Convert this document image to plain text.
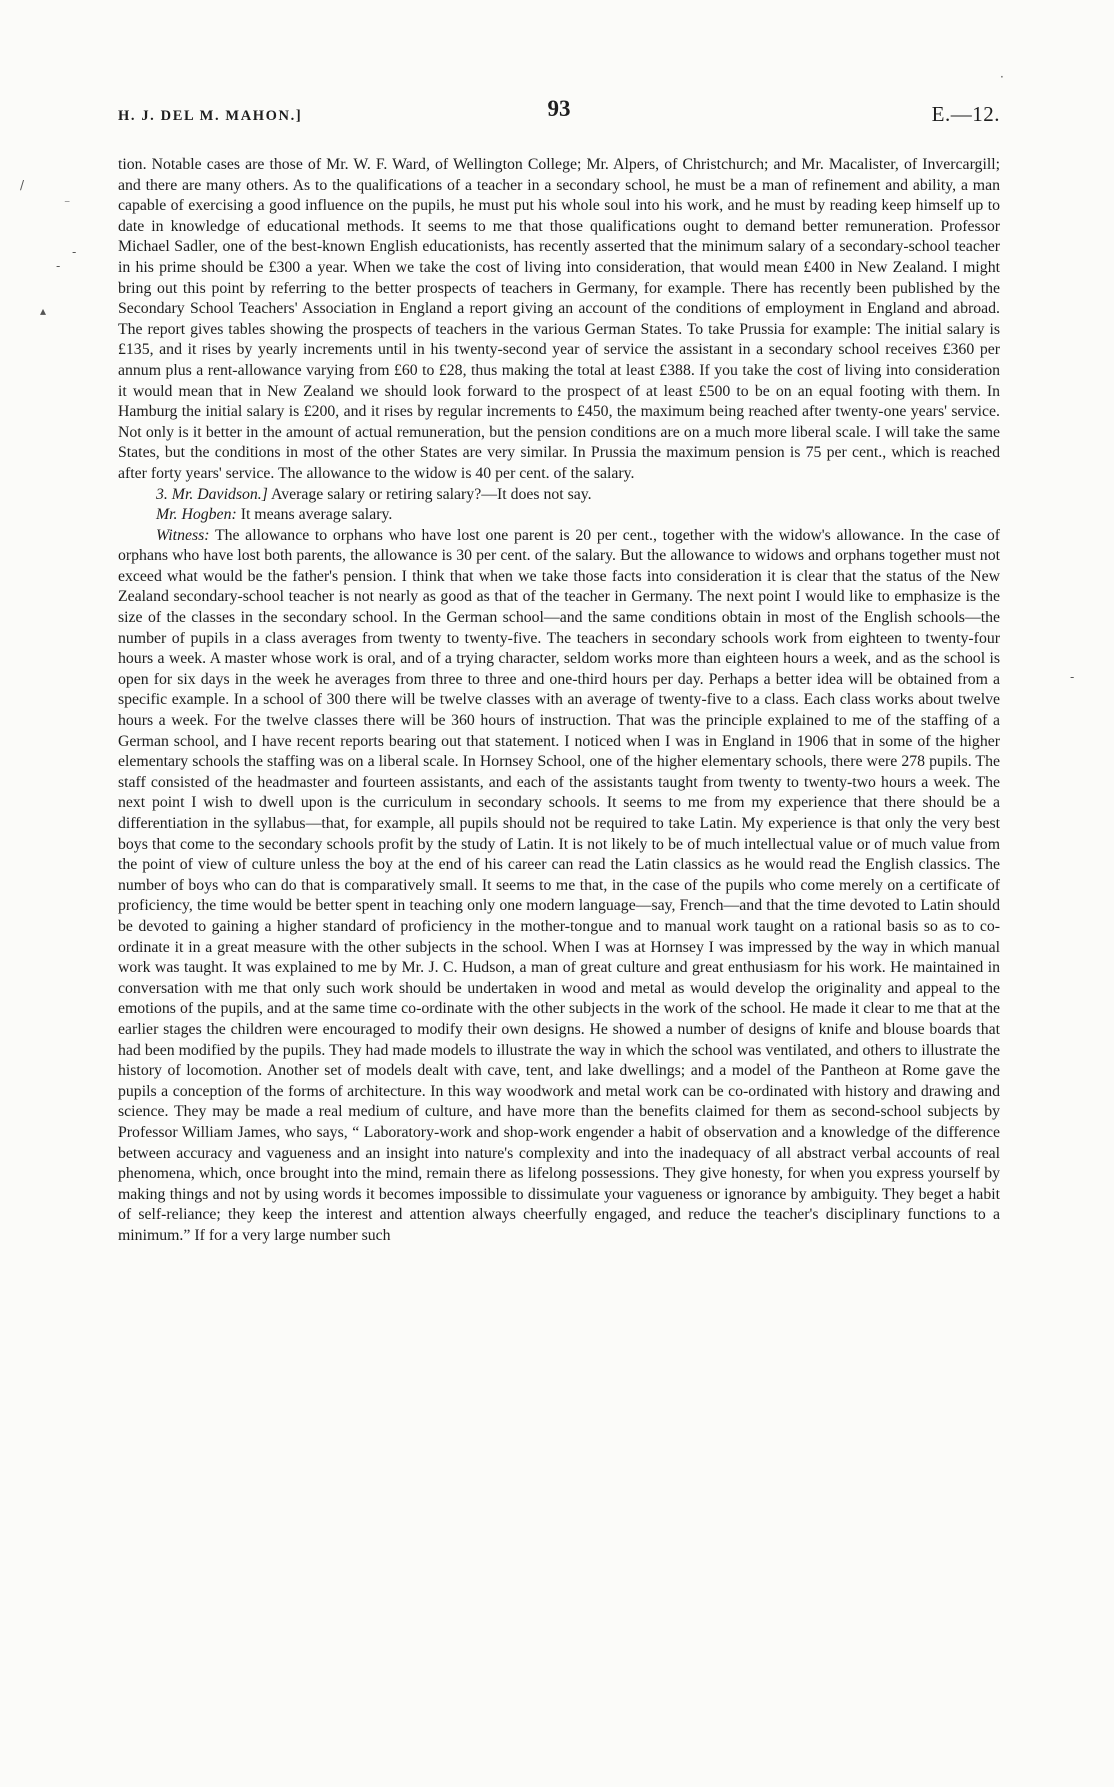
H. J. DEL M. MAHON.]	93	E.—12.
/
⁻
-
-
▴
-
·

tion. Notable cases are those of Mr. W. F. Ward, of Wellington College; Mr. Alpers, of Christchurch; and Mr. Macalister, of Invercargill; and there are many others. As to the qualifications of a teacher in a secondary school, he must be a man of refinement and ability, a man capable of exercising a good influence on the pupils, he must put his whole soul into his work, and he must by reading keep himself up to date in knowledge of educational methods. It seems to me that those qualifications ought to demand better remuneration. Professor Michael Sadler, one of the best-known English educationists, has recently asserted that the minimum salary of a secondary-school teacher in his prime should be £300 a year. When we take the cost of living into consideration, that would mean £400 in New Zealand. I might bring out this point by referring to the better prospects of teachers in Germany, for example. There has recently been published by the Secondary School Teachers' Association in England a report giving an account of the conditions of employment in England and abroad. The report gives tables showing the prospects of teachers in the various German States. To take Prussia for example: The initial salary is £135, and it rises by yearly increments until in his twenty-second year of service the assistant in a secondary school receives £360 per annum plus a rent-allowance varying from £60 to £28, thus making the total at least £388. If you take the cost of living into consideration it would mean that in New Zealand we should look forward to the prospect of at least £500 to be on an equal footing with them. In Hamburg the initial salary is £200, and it rises by regular increments to £450, the maximum being reached after twenty-one years' service. Not only is it better in the amount of actual remuneration, but the pension conditions are on a much more liberal scale. I will take the same States, but the conditions in most of the other States are very similar. In Prussia the maximum pension is 75 per cent., which is reached after forty years' service. The allowance to the widow is 40 per cent. of the salary.

3. Mr. Davidson.] Average salary or retiring salary?—It does not say.

Mr. Hogben: It means average salary.

Witness: The allowance to orphans who have lost one parent is 20 per cent., together with the widow's allowance. In the case of orphans who have lost both parents, the allowance is 30 per cent. of the salary. But the allowance to widows and orphans together must not exceed what would be the father's pension. I think that when we take those facts into consideration it is clear that the status of the New Zealand secondary-school teacher is not nearly as good as that of the teacher in Germany. The next point I would like to emphasize is the size of the classes in the secondary school. In the German school—and the same conditions obtain in most of the English schools—the number of pupils in a class averages from twenty to twenty-five. The teachers in secondary schools work from eighteen to twenty-four hours a week. A master whose work is oral, and of a trying character, seldom works more than eighteen hours a week, and as the school is open for six days in the week he averages from three to three and one-third hours per day. Perhaps a better idea will be obtained from a specific example. In a school of 300 there will be twelve classes with an average of twenty-five to a class. Each class works about twelve hours a week. For the twelve classes there will be 360 hours of instruction. That was the principle explained to me of the staffing of a German school, and I have recent reports bearing out that statement. I noticed when I was in England in 1906 that in some of the higher elementary schools the staffing was on a liberal scale. In Hornsey School, one of the higher elementary schools, there were 278 pupils. The staff consisted of the headmaster and fourteen assistants, and each of the assistants taught from twenty to twenty-two hours a week. The next point I wish to dwell upon is the curriculum in secondary schools. It seems to me from my experience that there should be a differentiation in the syllabus—that, for example, all pupils should not be required to take Latin. My experience is that only the very best boys that come to the secondary schools profit by the study of Latin. It is not likely to be of much intellectual value or of much value from the point of view of culture unless the boy at the end of his career can read the Latin classics as he would read the English classics. The number of boys who can do that is comparatively small. It seems to me that, in the case of the pupils who come merely on a certificate of proficiency, the time would be better spent in teaching only one modern language—say, French—and that the time devoted to Latin should be devoted to gaining a higher standard of proficiency in the mother-tongue and to manual work taught on a rational basis so as to co-ordinate it in a great measure with the other subjects in the school. When I was at Hornsey I was impressed by the way in which manual work was taught. It was explained to me by Mr. J. C. Hudson, a man of great culture and great enthusiasm for his work. He maintained in conversation with me that only such work should be undertaken in wood and metal as would develop the originality and appeal to the emotions of the pupils, and at the same time co-ordinate with the other subjects in the work of the school. He made it clear to me that at the earlier stages the children were encouraged to modify their own designs. He showed a number of designs of knife and blouse boards that had been modified by the pupils. They had made models to illustrate the way in which the school was ventilated, and others to illustrate the history of locomotion. Another set of models dealt with cave, tent, and lake dwellings; and a model of the Pantheon at Rome gave the pupils a conception of the forms of architecture. In this way woodwork and metal work can be co-ordinated with history and drawing and science. They may be made a real medium of culture, and have more than the benefits claimed for them as second-school subjects by Professor William James, who says, “ Laboratory-work and shop-work engender a habit of observation and a knowledge of the difference between accuracy and vagueness and an insight into nature's complexity and into the inadequacy of all abstract verbal accounts of real phenomena, which, once brought into the mind, remain there as lifelong possessions. They give honesty, for when you express yourself by making things and not by using words it becomes impossible to dissimulate your vagueness or ignorance by ambiguity. They beget a habit of self-reliance; they keep the interest and attention always cheerfully engaged, and reduce the teacher's disciplinary functions to a minimum.” If for a very large number such
